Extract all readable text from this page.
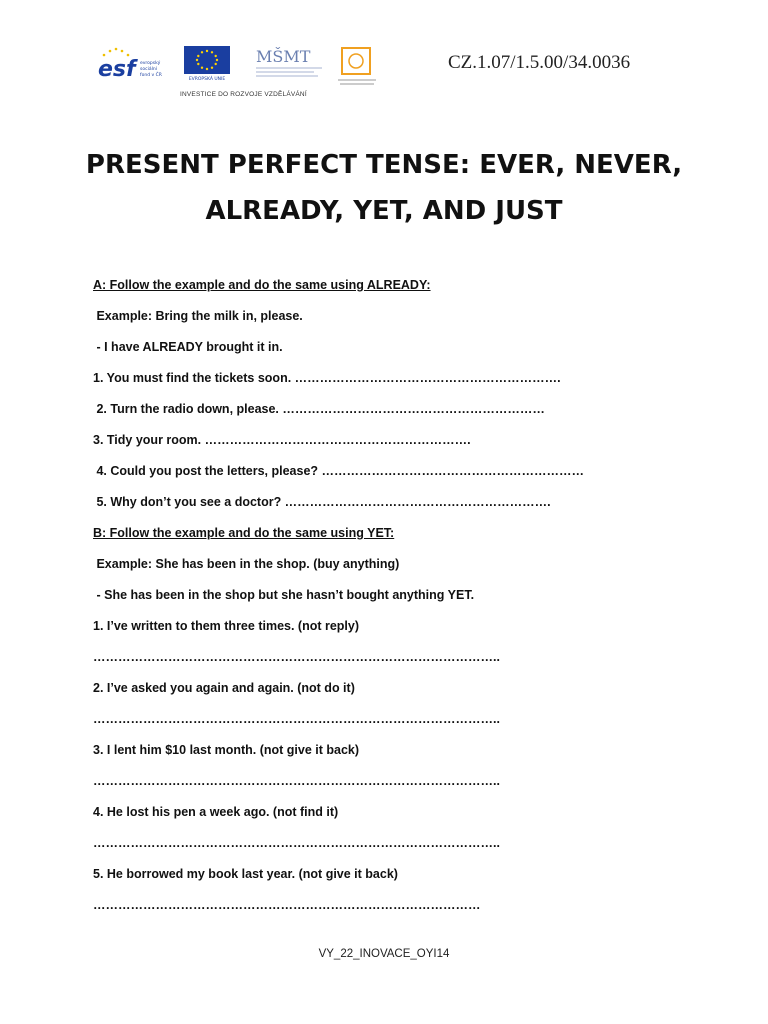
esf evropský
sociální
fond v ČR
EVROPSKÁ UNIE
MŠMT
INVESTICE DO ROZVOJE VZDĚLÁVÁNÍ
CZ.1.07/1.5.00/34.0036
PRESENT PERFECT TENSE: EVER, NEVER,
ALREADY, YET, AND JUST
A: Follow the example and do the same using ALREADY:
Example: Bring the milk in, please.
- I have ALREADY brought it in.
1. You must find the tickets soon. ……………………………………………………….
2. Turn the radio down, please. ………………………………………………………
3. Tidy your room. ……………………………………………………….
4. Could you post the letters, please? ………………………………………………………
5. Why don’t you see a doctor? ……………………………………………………….
B: Follow the example and do the same using YET:
Example: She has been in the shop. (buy anything)
- She has been in the shop but she hasn’t bought anything YET.
1. I’ve written to them three times. (not reply)
……………………………………………………………………………………..
2. I’ve asked you again and again. (not do it)
……………………………………………………………………………………..
3. I lent him $10 last month. (not give it back)
……………………………………………………………………………………..
4. He lost his pen a week ago. (not find it)
……………………………………………………………………………………..
5. He borrowed my book last year. (not give it back)
…………………………………………………………………………………
VY_22_INOVACE_OYI14
